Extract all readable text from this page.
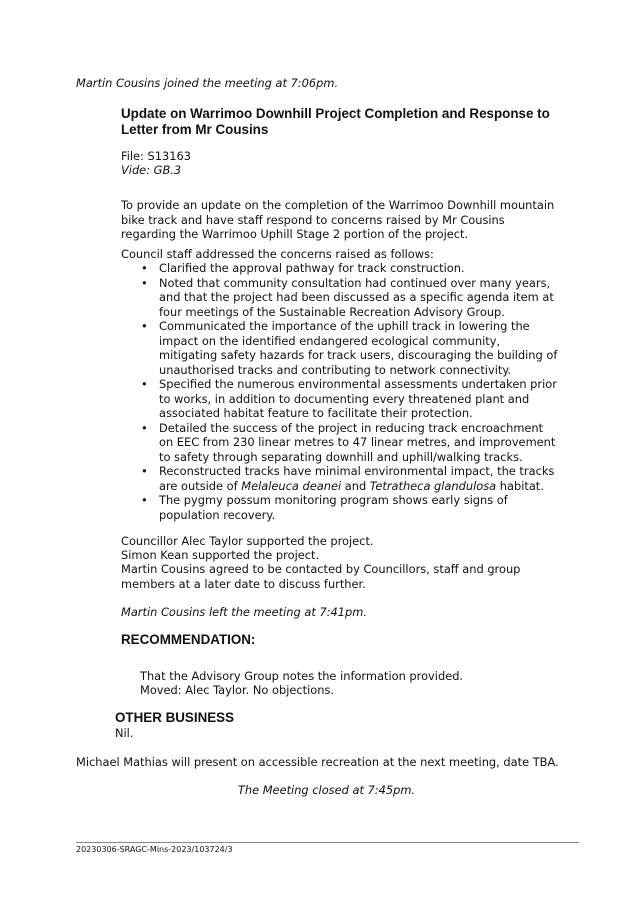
Martin Cousins joined the meeting at 7:06pm.

Update on Warrimoo Downhill Project Completion and Response to Letter from Mr Cousins

File: S13163

Vide: GB.3

To provide an update on the completion of the Warrimoo Downhill mountain bike track and have staff respond to concerns raised by Mr Cousins regarding the Warrimoo Uphill Stage 2 portion of the project.

Council staff addressed the concerns raised as follows:

• Clarified the approval pathway for track construction.
• Noted that community consultation had continued over many years, and that the project had been discussed as a specific agenda item at four meetings of the Sustainable Recreation Advisory Group.
• Communicated the importance of the uphill track in lowering the impact on the identified endangered ecological community, mitigating safety hazards for track users, discouraging the building of unauthorised tracks and contributing to network connectivity.
• Specified the numerous environmental assessments undertaken prior to works, in addition to documenting every threatened plant and associated habitat feature to facilitate their protection.
• Detailed the success of the project in reducing track encroachment on EEC from 230 linear metres to 47 linear metres, and improvement to safety through separating downhill and uphill/walking tracks.
• Reconstructed tracks have minimal environmental impact, the tracks are outside of Melaleuca deanei and Tetratheca glandulosa habitat.
• The pygmy possum monitoring program shows early signs of population recovery.

Councillor Alec Taylor supported the project.

Simon Kean supported the project.

Martin Cousins agreed to be contacted by Councillors, staff and group members at a later date to discuss further.

Martin Cousins left the meeting at 7:41pm.

RECOMMENDATION:

That the Advisory Group notes the information provided.

Moved: Alec Taylor. No objections.

OTHER BUSINESS

Nil.

Michael Mathias will present on accessible recreation at the next meeting, date TBA.

The Meeting closed at 7:45pm.

20230306-SRAGC-Mins-2023/103724/3
